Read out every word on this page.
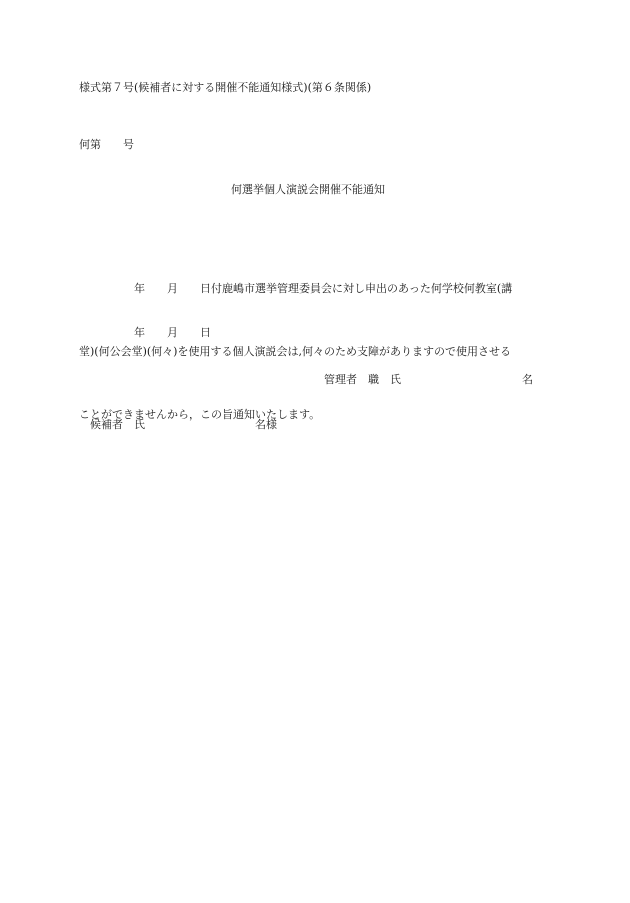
様式第７号(候補者に対する開催不能通知様式)(第６条関係)
何第　　号
何選挙個人演説会開催不能通知

　　　　　年　　月　　日付鹿嶋市選挙管理委員会に対し申出のあった何学校何教室(講

堂)(何公会堂)(何々)を使用する個人演説会は,何々のため支障がありますので使用させる

ことができませんから，この旨通知いたします。

　　　　　年　　月　　日
管理者　職　氏　　　　　　　　　　　名
候補者　氏　　　　　　　　　　名様
